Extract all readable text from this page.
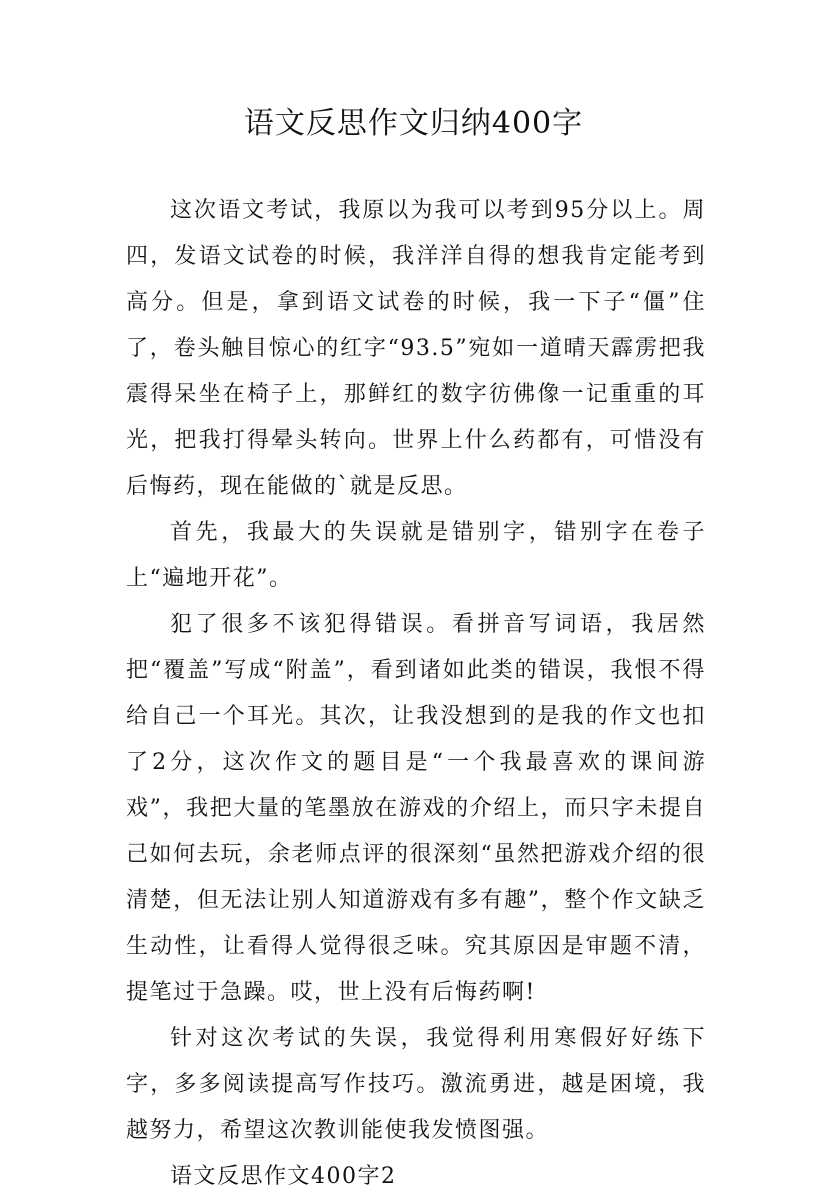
语文反思作文归纳400字

这次语文考试，我原以为我可以考到95分以上。周四，发语文试卷的时候，我洋洋自得的想我肯定能考到高分。但是，拿到语文试卷的时候，我一下子“僵”住了，卷头触目惊心的红字“93.5”宛如一道晴天霹雳把我震得呆坐在椅子上，那鲜红的数字彷佛像一记重重的耳光，把我打得晕头转向。世界上什么药都有，可惜没有后悔药，现在能做的`就是反思。

首先，我最大的失误就是错别字，错别字在卷子上“遍地开花”。

犯了很多不该犯得错误。看拼音写词语，我居然把“覆盖”写成“附盖”，看到诸如此类的错误，我恨不得给自己一个耳光。其次，让我没想到的是我的作文也扣了2分，这次作文的题目是“一个我最喜欢的课间游戏”，我把大量的笔墨放在游戏的介绍上，而只字未提自己如何去玩，余老师点评的很深刻“虽然把游戏介绍的很清楚，但无法让别人知道游戏有多有趣”，整个作文缺乏生动性，让看得人觉得很乏味。究其原因是审题不清，提笔过于急躁。哎，世上没有后悔药啊!

针对这次考试的失误，我觉得利用寒假好好练下字，多多阅读提高写作技巧。激流勇进，越是困境，我越努力，希望这次教训能使我发愤图强。

语文反思作文400字2
